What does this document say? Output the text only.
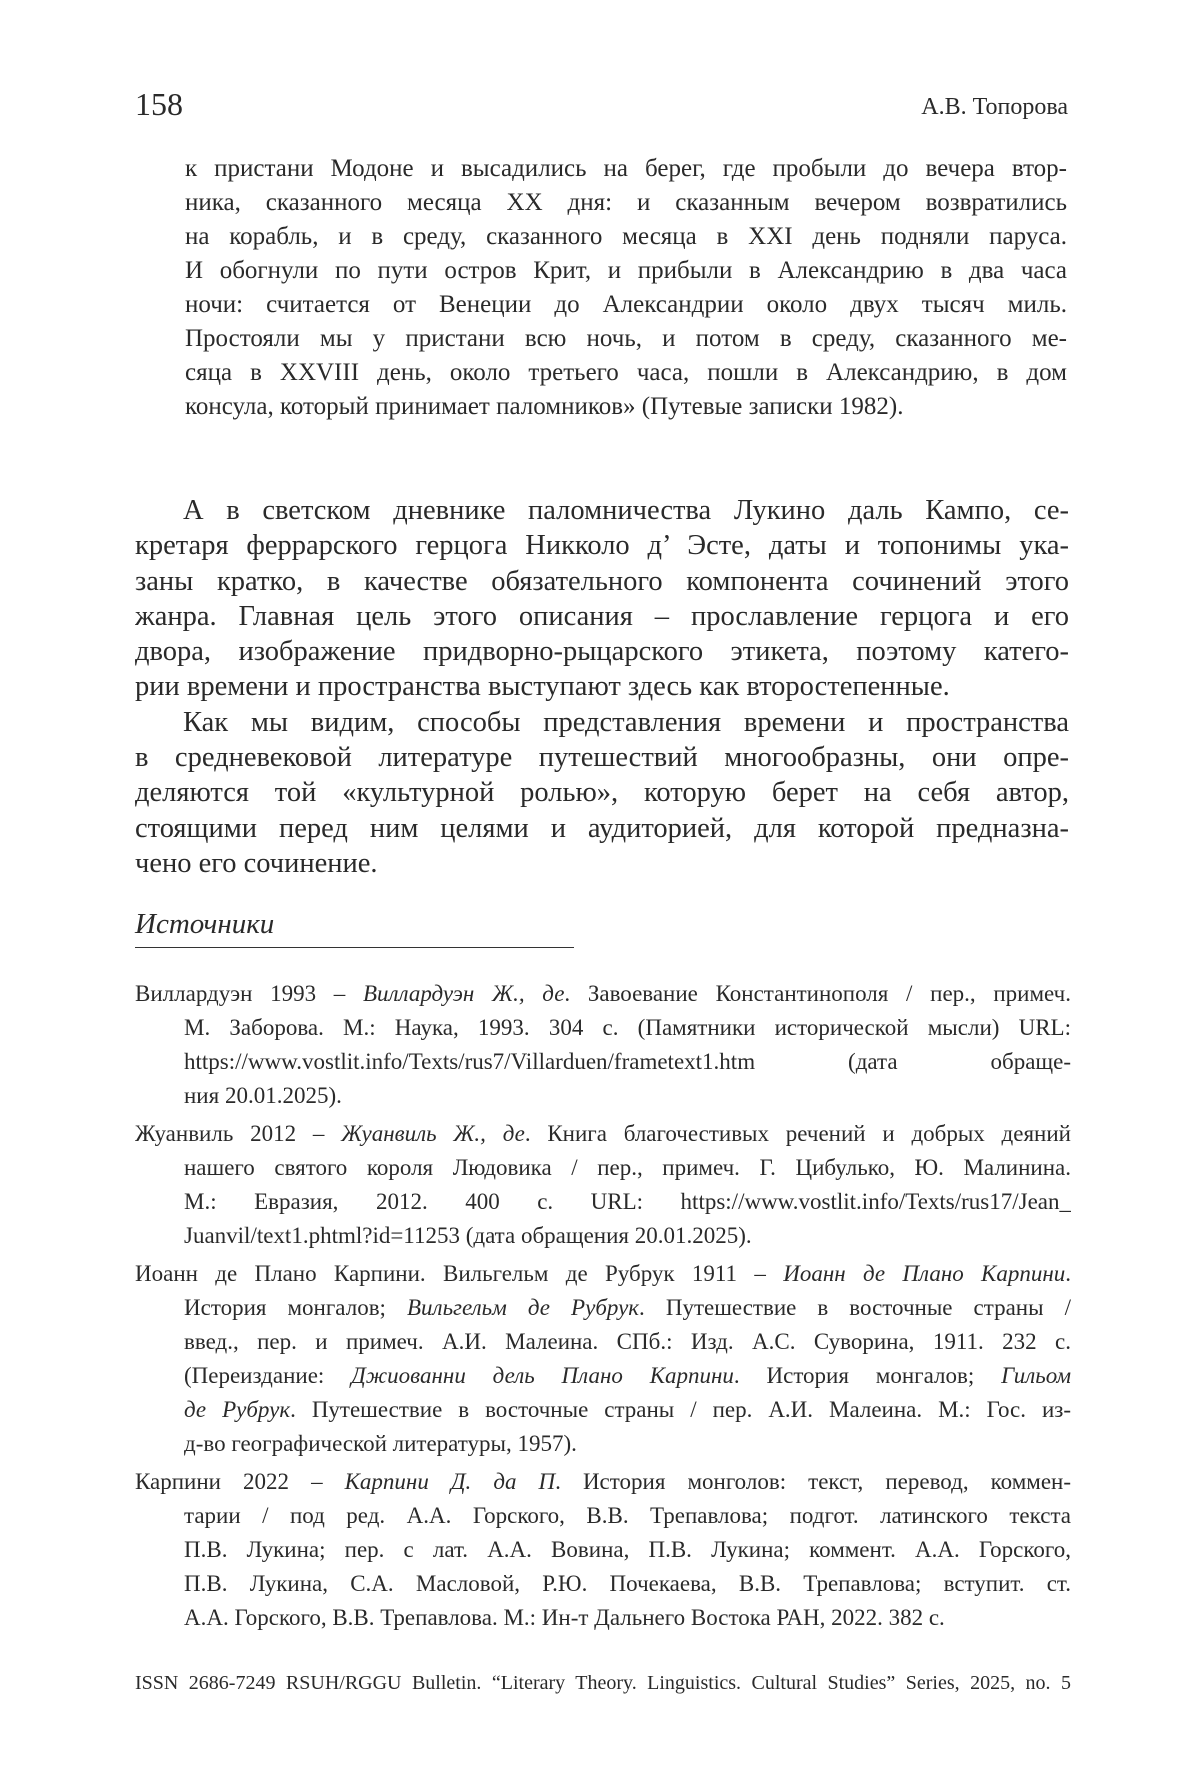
158	А.В. Топорова
к пристани Модоне и высадились на берег, где пробыли до вечера втор-
ника, сказанного месяца XX дня: и сказанным вечером возвратились
на корабль, и в среду, сказанного месяца в XXI день подняли паруса.
И обогнули по пути остров Крит, и прибыли в Александрию в два часа
ночи: считается от Венеции до Александрии около двух тысяч миль.
Простояли мы у пристани всю ночь, и потом в среду, сказанного ме-
сяца в XXVIII день, около третьего часа, пошли в Александрию, в дом
консула, который принимает паломников» (Путевые записки 1982).
А в светском дневнике паломничества Лукино даль Кампо, се-
кретаря феррарского герцога Никколо д’ Эсте, даты и топонимы ука-
заны кратко, в качестве обязательного компонента сочинений этого
жанра. Главная цель этого описания – прославление герцога и его
двора, изображение придворно-рыцарского этикета, поэтому катего-
рии времени и пространства выступают здесь как второстепенные.
Как мы видим, способы представления времени и пространства
в средневековой литературе путешествий многообразны, они опре-
деляются той «культурной ролью», которую берет на себя автор,
стоящими перед ним целями и аудиторией, для которой предназна-
чено его сочинение.
Источники
Виллардуэн 1993 – Виллардуэн Ж., де. Завоевание Константинополя / пер., примеч.
М. Заборова. М.: Наука, 1993. 304 с. (Памятники исторической мысли) URL:
https://www.vostlit.info/Texts/rus7/Villarduen/frametext1.htm (дата обраще-
ния 20.01.2025).
Жуанвиль 2012 – Жуанвиль Ж., де. Книга благочестивых речений и добрых деяний
нашего святого короля Людовика / пер., примеч. Г. Цибулько, Ю. Малинина.
М.: Евразия, 2012. 400 с. URL: https://www.vostlit.info/Texts/rus17/Jean_
Juanvil/text1.phtml?id=11253 (дата обращения 20.01.2025).
Иоанн де Плано Карпини. Вильгельм де Рубрук 1911 – Иоанн де Плано Карпини.
История монгалов; Вильгельм де Рубрук. Путешествие в восточные страны /
введ., пер. и примеч. А.И. Малеина. СПб.: Изд. А.С. Суворина, 1911. 232 с.
(Переиздание: Джиованни дель Плано Карпини. История монгалов; Гильом
де Рубрук. Путешествие в восточные страны / пер. А.И. Малеина. М.: Гос. из-
д-во географической литературы, 1957).
Карпини 2022 – Карпини Д. да П. История монголов: текст, перевод, коммен-
тарии / под ред. А.А. Горского, В.В. Трепавлова; подгот. латинского текста
П.В. Лукина; пер. с лат. А.А. Вовина, П.В. Лукина; коммент. А.А. Горского,
П.В. Лукина, С.А. Масловой, Р.Ю. Почекаева, В.В. Трепавлова; вступит. ст.
А.А. Горского, В.В. Трепавлова. М.: Ин-т Дальнего Востока РАН, 2022. 382 с.
ISSN 2686-7249 RSUH/RGGU Bulletin. “Literary Theory. Linguistics. Cultural Studies” Series, 2025, no. 5
